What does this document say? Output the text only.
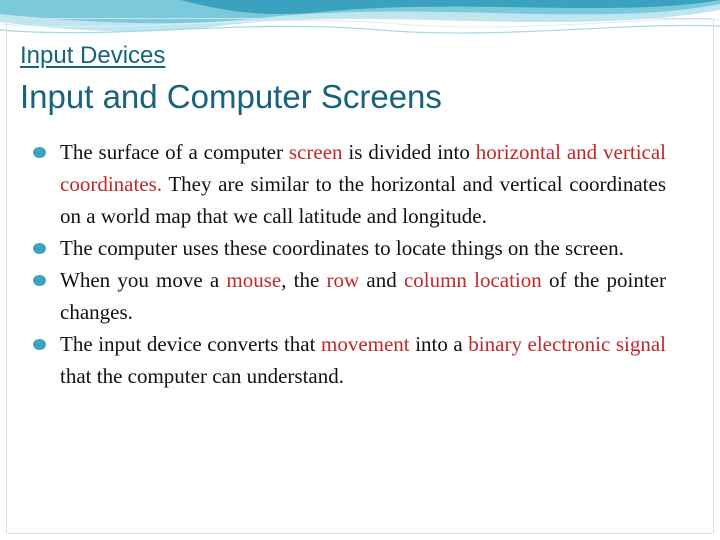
Input Devices
Input and Computer Screens
The surface of a computer screen is divided into horizontal and vertical coordinates. They are similar to the horizontal and vertical coordinates on a world map that we call latitude and longitude.
The computer uses these coordinates to locate things on the screen.
When you move a mouse, the row and column location of the pointer changes.
The input device converts that movement into a binary electronic signal that the computer can understand.
